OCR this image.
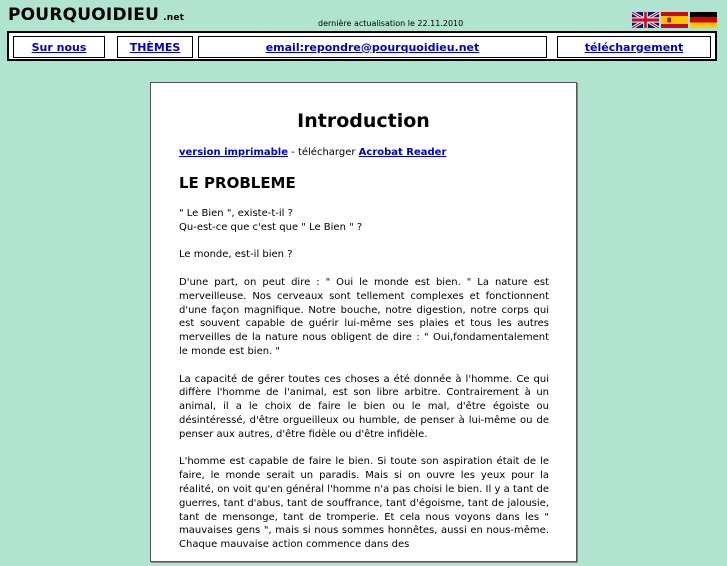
POURQUOIDIEU .net
dernière actualisation le 22.11.2010
Sur nous	THÈMES	email:repondre@pourquoidieu.net	téléchargement
Introduction
version imprimable - télécharger Acrobat Reader
LE PROBLEME

" Le Bien ", existe-t-il ?
Qu-est-ce que c'est que " Le Bien " ?

Le monde, est-il bien ?

D'une part, on peut dire : " Oui le monde est bien. " La nature est merveilleuse. Nos cerveaux sont tellement complexes et fonctionnent d'une façon magnifique. Notre bouche, notre digestion, notre corps qui est souvent capable de guérir lui-même ses plaies et tous les autres merveilles de la nature nous obligent de dire : " Oui,fondamentalement le monde est bien. "

La capacité de gérer toutes ces choses a été donnée à l'homme. Ce qui diffère l'homme de l'animal, est son libre arbitre. Contrairement à un animal, il a le choix de faire le bien ou le mal, d'être égoiste ou désintéressé, d'être orgueilleux ou humble, de penser à lui-même ou de penser aux autres, d'être fidèle ou d'être infidèle.

L'homme est capable de faire le bien. Si toute son aspiration était de le faire, le monde serait un paradis. Mais si on ouvre les yeux pour la réalité, on voit qu'en général l'homme n'a pas choisi le bien. Il y a tant de guerres, tant d'abus, tant de souffrance, tant d'égoisme, tant de jalousie, tant de mensonge, tant de tromperie. Et cela nous voyons dans les " mauvaises gens ", mais si nous sommes honnêtes, aussi en nous-même. Chaque mauvaise action commence dans des
